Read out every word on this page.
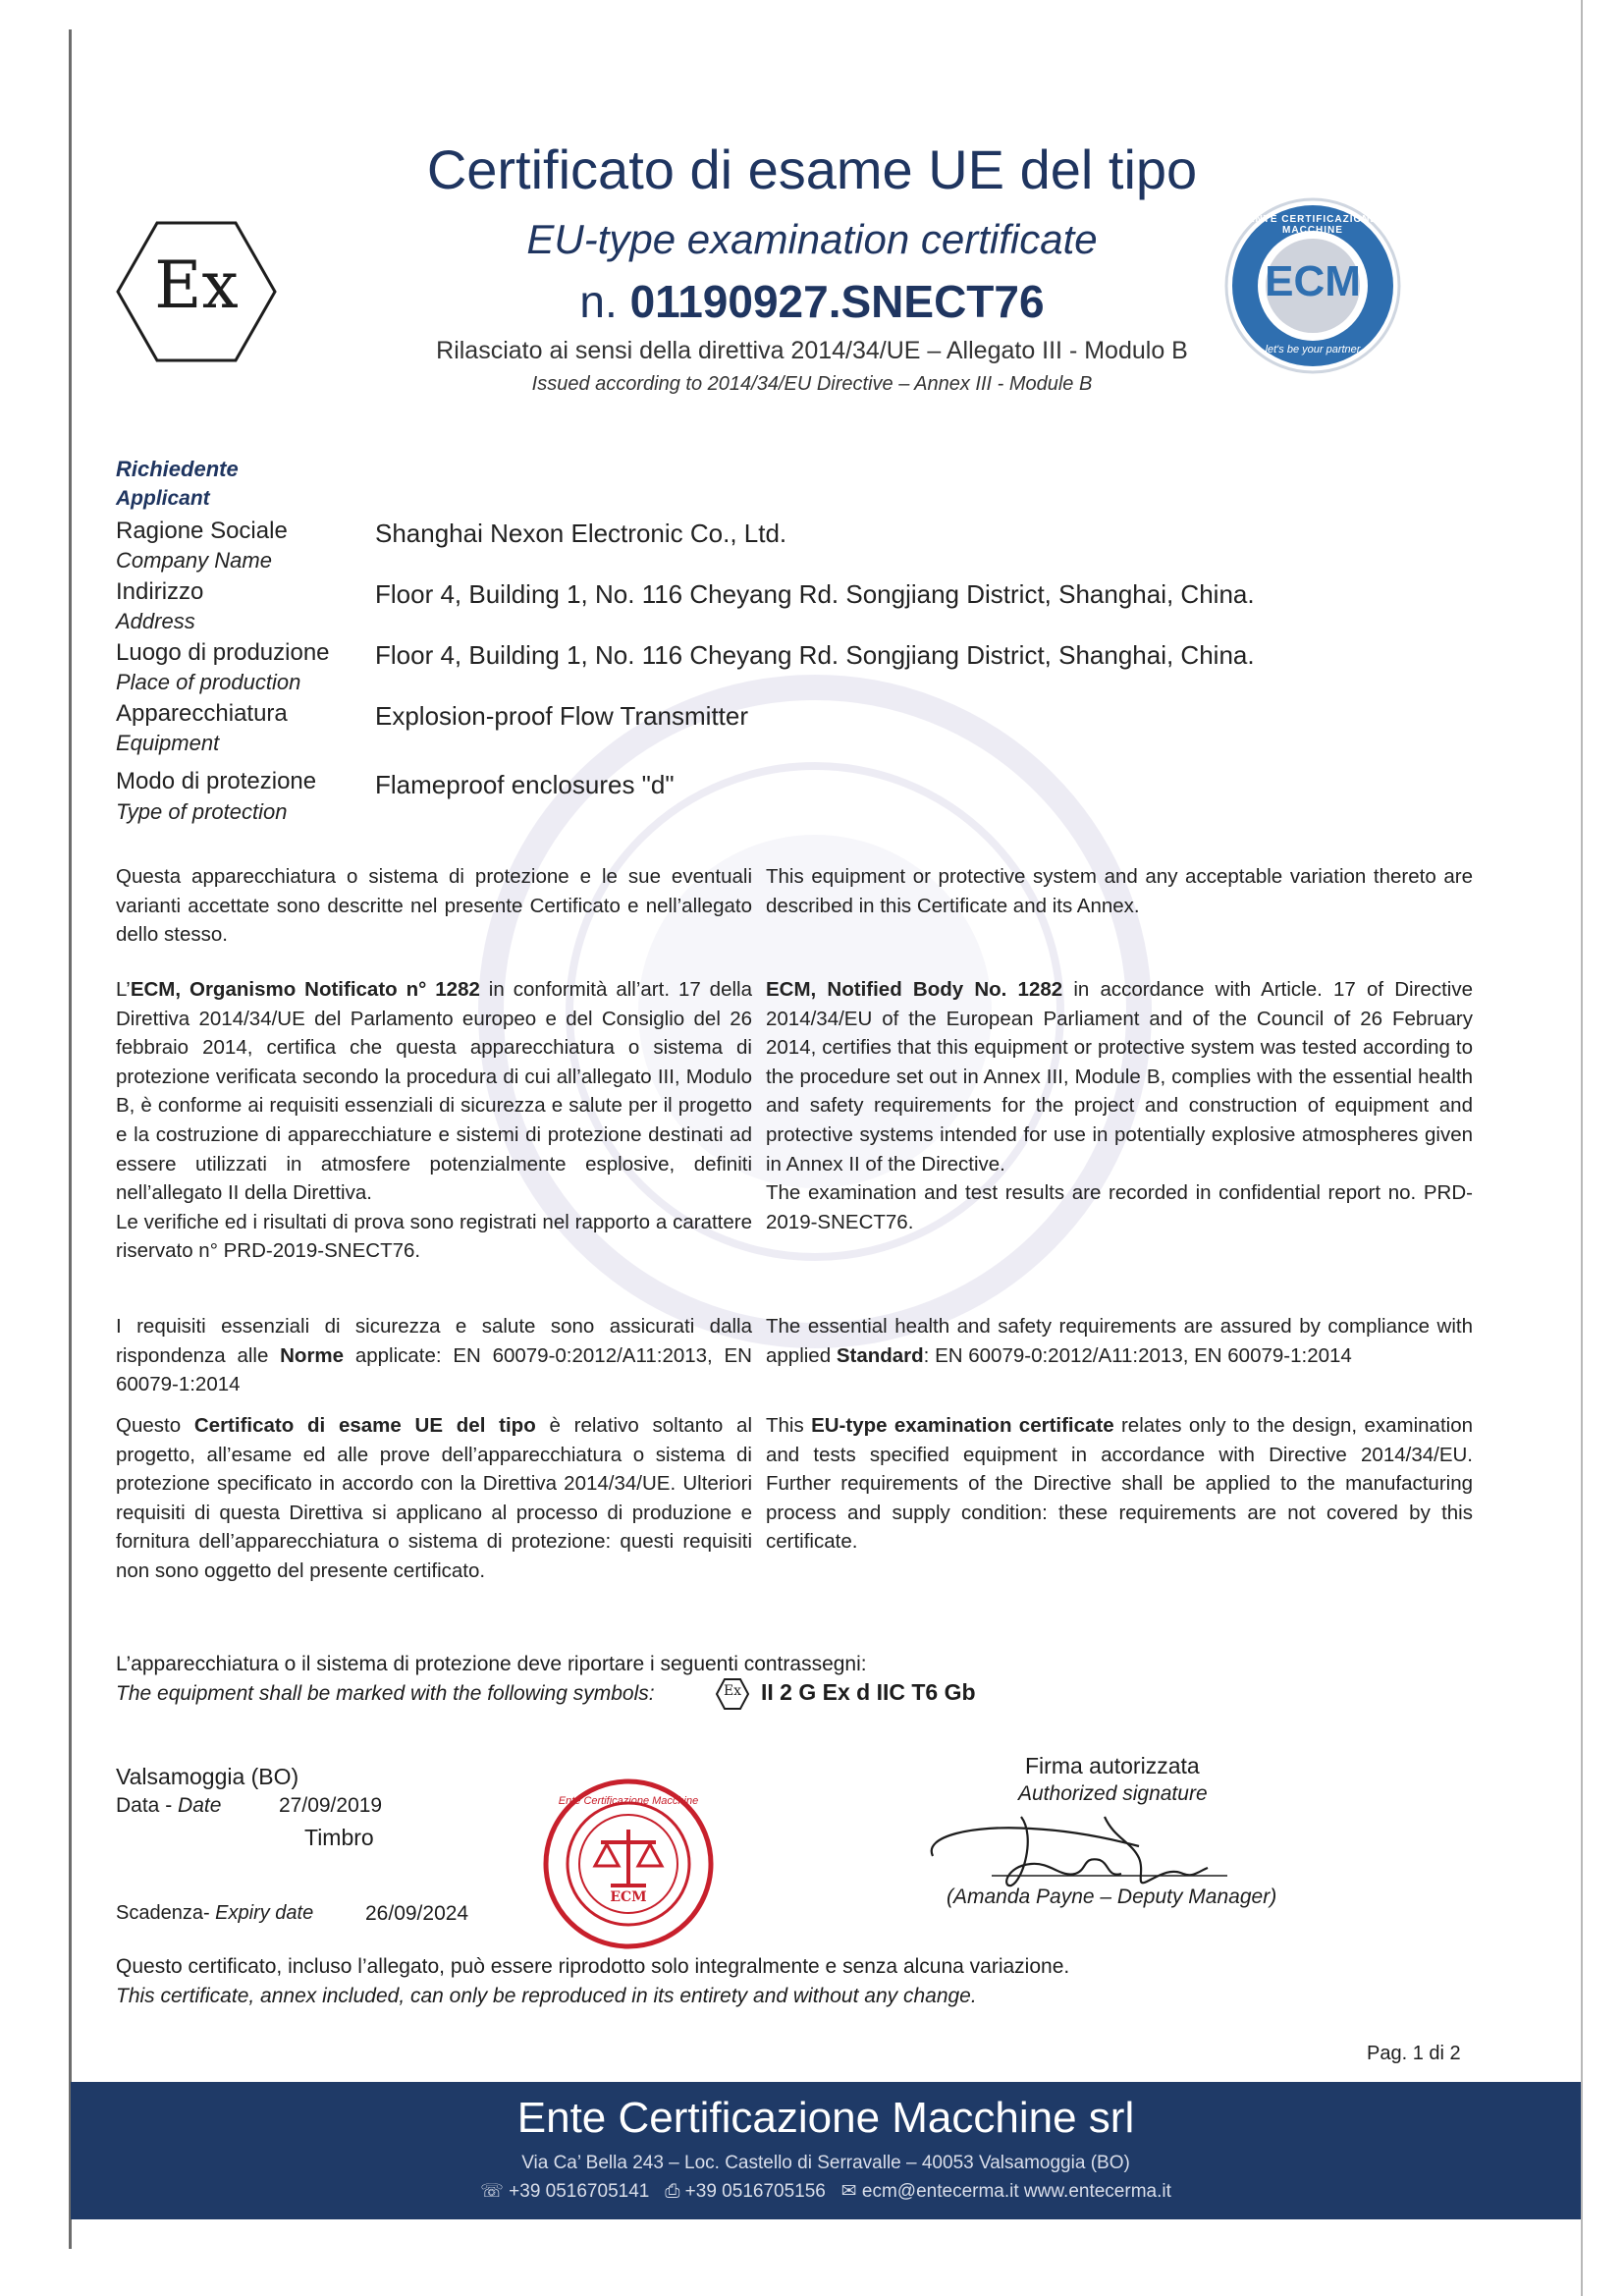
Ex	ECM
ENTE CERTIFICAZIONE MACCHINE
let's be your partner
Certificato di esame UE del tipo
EU-type examination certificate
n. 01190927.SNECT76
Rilasciato ai sensi della direttiva 2014/34/UE – Allegato III - Modulo B
Issued according to 2014/34/EU Directive – Annex III - Module B
Richiedente
Applicant
Ragione Sociale
Company Name
Shanghai Nexon Electronic Co., Ltd.
Indirizzo
Address
Floor 4, Building 1, No. 116 Cheyang Rd. Songjiang District, Shanghai, China.
Luogo di produzione
Place of production
Floor 4, Building 1, No. 116 Cheyang Rd. Songjiang District, Shanghai, China.
Apparecchiatura
Equipment
Explosion-proof Flow Transmitter
Modo di protezione
Type of protection
Flameproof enclosures "d"
Questa apparecchiatura o sistema di protezione e le sue eventuali varianti accettate sono descritte nel presente Certificato e nell’allegato dello stesso.
This equipment or protective system and any acceptable variation thereto are described in this Certificate and its Annex.
L’ECM, Organismo Notificato n° 1282 in conformità all’art. 17 della Direttiva 2014/34/UE del Parlamento europeo e del Consiglio del 26 febbraio 2014, certifica che questa apparecchiatura o sistema di protezione verificata secondo la procedura di cui all’allegato III, Modulo B, è conforme ai requisiti essenziali di sicurezza e salute per il progetto e la costruzione di apparecchiature e sistemi di protezione destinati ad essere utilizzati in atmosfere potenzialmente esplosive, definiti nell’allegato II della Direttiva.
Le verifiche ed i risultati di prova sono registrati nel rapporto a carattere riservato n° PRD-2019-SNECT76.
ECM, Notified Body No. 1282 in accordance with Article. 17 of Directive 2014/34/EU of the European Parliament and of the Council of 26 February 2014, certifies that this equipment or protective system was tested according to the procedure set out in Annex III, Module B, complies with the essential health and safety requirements for the project and construction of equipment and protective systems intended for use in potentially explosive atmospheres given in Annex II of the Directive.
The examination and test results are recorded in confidential report no. PRD-2019-SNECT76.
I requisiti essenziali di sicurezza e salute sono assicurati dalla rispondenza alle Norme applicate: EN 60079-0:2012/A11:2013, EN 60079-1:2014
The essential health and safety requirements are assured by compliance with applied Standard: EN 60079-0:2012/A11:2013, EN 60079-1:2014
Questo Certificato di esame UE del tipo è relativo soltanto al progetto, all’esame ed alle prove dell’apparecchiatura o sistema di protezione specificato in accordo con la Direttiva 2014/34/UE. Ulteriori requisiti di questa Direttiva si applicano al processo di produzione e fornitura dell’apparecchiatura o sistema di protezione: questi requisiti non sono oggetto del presente certificato.
This EU-type examination certificate relates only to the design, examination and tests specified equipment in accordance with Directive 2014/34/EU. Further requirements of the Directive shall be applied to the manufacturing process and supply condition: these requirements are not covered by this certificate.
L’apparecchiatura o il sistema di protezione deve riportare i seguenti contrassegni:
The equipment shall be marked with the following symbols:	Ex II 2 G Ex d IIC T6 Gb
Valsamoggia (BO)
Data - Date	27/09/2019
Timbro
Scadenza- Expiry date	26/09/2024
Ente Certificazione Macchine
ECM
Firma autorizzata
Authorized signature
(Amanda Payne – Deputy Manager)
Questo certificato, incluso l’allegato, può essere riprodotto solo integralmente e senza alcuna variazione.
This certificate, annex included, can only be reproduced in its entirety and without any change.
Pag. 1 di 2
Ente Certificazione Macchine srl
Via Ca’ Bella 243 – Loc. Castello di Serravalle – 40053 Valsamoggia (BO)
☏ +39 0516705141 ⎙ +39 0516705156 ✉ ecm@entecerma.it www.entecerma.it
